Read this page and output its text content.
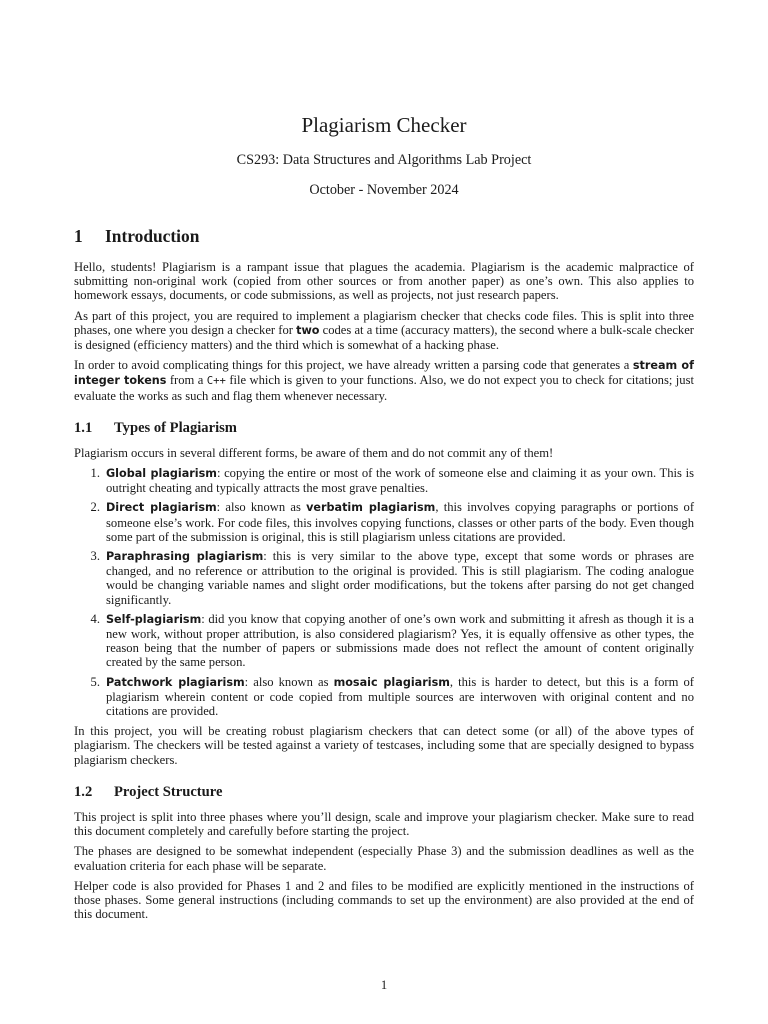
Plagiarism Checker
CS293: Data Structures and Algorithms Lab Project
October - November 2024
1	Introduction

Hello, students! Plagiarism is a rampant issue that plagues the academia. Plagiarism is the academic malpractice of submitting non-original work (copied from other sources or from another paper) as one’s own. This also applies to homework essays, documents, or code submissions, as well as projects, not just research papers.

As part of this project, you are required to implement a plagiarism checker that checks code files. This is split into three phases, one where you design a checker for two codes at a time (accuracy matters), the second where a bulk-scale checker is designed (efficiency matters) and the third which is somewhat of a hacking phase.

In order to avoid complicating things for this project, we have already written a parsing code that generates a stream of integer tokens from a C++ file which is given to your functions. Also, we do not expect you to check for citations; just evaluate the works as such and flag them whenever necessary.

1.1	Types of Plagiarism

Plagiarism occurs in several different forms, be aware of them and do not commit any of them!

1. Global plagiarism: copying the entire or most of the work of someone else and claiming it as your own. This is outright cheating and typically attracts the most grave penalties.
2. Direct plagiarism: also known as verbatim plagiarism, this involves copying paragraphs or portions of someone else’s work. For code files, this involves copying functions, classes or other parts of the body. Even though some part of the submission is original, this is still plagiarism unless citations are provided.
3. Paraphrasing plagiarism: this is very similar to the above type, except that some words or phrases are changed, and no reference or attribution to the original is provided. This is still plagiarism. The coding analogue would be changing variable names and slight order modifications, but the tokens after parsing do not get changed significantly.
4. Self-plagiarism: did you know that copying another of one’s own work and submitting it afresh as though it is a new work, without proper attribution, is also considered plagiarism? Yes, it is equally offensive as other types, the reason being that the number of papers or submissions made does not reflect the amount of content originally created by the same person.
5. Patchwork plagiarism: also known as mosaic plagiarism, this is harder to detect, but this is a form of plagiarism wherein content or code copied from multiple sources are interwoven with original content and no citations are provided.

In this project, you will be creating robust plagiarism checkers that can detect some (or all) of the above types of plagiarism. The checkers will be tested against a variety of testcases, including some that are specially designed to bypass plagiarism checkers.

1.2	Project Structure

This project is split into three phases where you’ll design, scale and improve your plagiarism checker. Make sure to read this document completely and carefully before starting the project.

The phases are designed to be somewhat independent (especially Phase 3) and the submission deadlines as well as the evaluation criteria for each phase will be separate.

Helper code is also provided for Phases 1 and 2 and files to be modified are explicitly mentioned in the instructions of those phases. Some general instructions (including commands to set up the environment) are also provided at the end of this document.

1
